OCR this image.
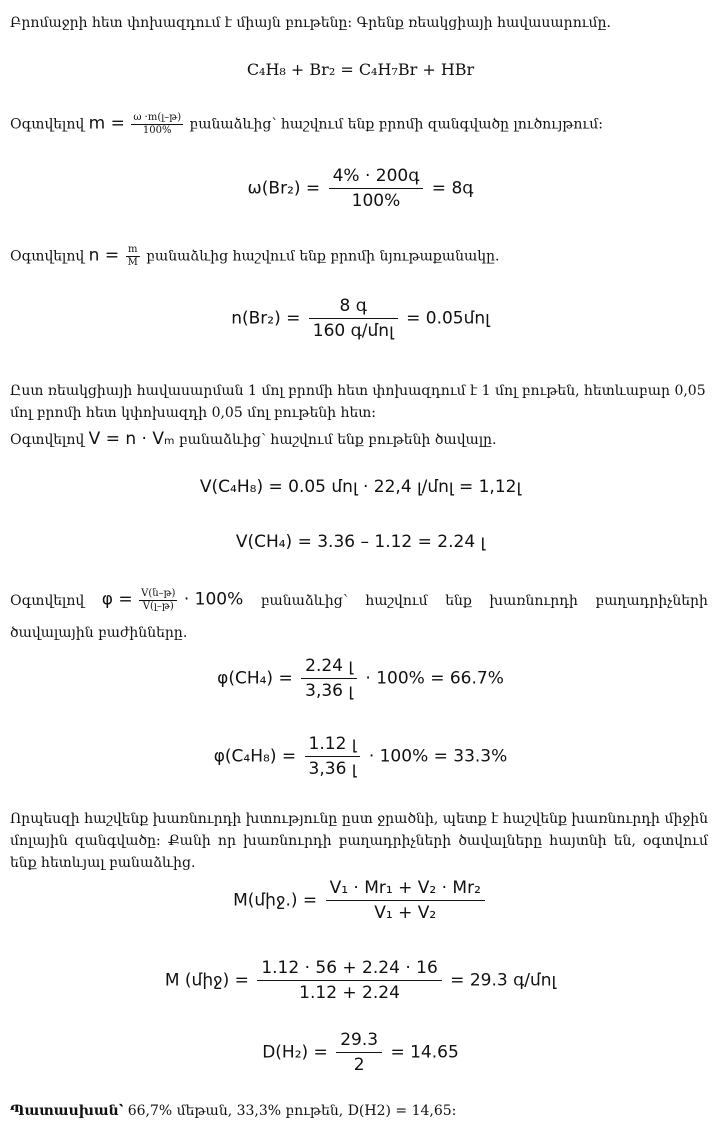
Բրոմաջրի հետ փոխազդում է միայն բութենը: Գրենք ռեակցիայի հավասարումը.
C₄H₈ + Br₂ = C₄H₇Br + HBr
Օգտվելով $m = \frac{\text{ω ·m(լ–թ)}}{100\%}$ բանաձևից՝ հաշվում ենք բրոմի զանգվածը լուծույթում:
$\omega(Br_2) = \frac{\text{4\% · 200գ}}{100\%}$ = 8գ
Օգտվելով $n = \frac{m}{M}$ բանաձևից հաշվում ենք բրոմի նյութաքանակը.
$n(Br_2) = \frac{\text{8 գ}}{\text{160 գ/մոլ}}$ = 0.05մոլ
Ըստ ռեակցիայի հավասարման 1 մոլ բրոմի հետ փոխազդում է 1 մոլ բութեն, հետևաբար 0,05 մոլ բրոմի հետ կփոխազդի 0,05 մոլ բութենի հետ:
Օգտվելով V = n · Vₘ բանաձևից՝ հաշվում ենք բութենի ծավալը.
V(C₄H₈) = 0.05 մոլ · 22,4 լ/մոլ = 1,12լ
V(CH₄) = 3.36 – 1.12 = 2.24 լ
Օգտվելով $\varphi = \frac{\text{V(ն–թ)}}{\text{V(լ–թ)}} \cdot 100\%$ բանաձևից՝ հաշվում ենք խառնուրդի բաղադրիչների
ծավալային բաժինները.
$\varphi(CH_4) = \frac{\text{2.24 լ}}{\text{3,36 լ}} \cdot 100\% = 66.7\%$
$\varphi(C_4H_8) = \frac{\text{1.12 լ}}{\text{3,36 լ}} \cdot 100\% = 33.3\%$
Որպեսզի հաշվենք խառնուրդի խտությունը ըստ ջրածնի, պետք է հաշվենք խառնուրդի միջին մոլային զանգվածը: Քանի որ խառնուրդի բաղադրիչների ծավալները հայտնի են, օգտվում ենք հետևյալ բանաձևից.
M(միջ.) = $\frac{\text{V₁ · Mr₁ + V₂ · Mr₂}}{\text{V₁ + V₂}}$
M (միջ) = $\frac{1.12 \cdot 56 + 2.24 \cdot 16}{1.12 + 2.24} = 29.3$ գ/մոլ
$D(H_2) = \frac{29.3}{2} = 14.65$
Պատասխան՝ 66,7% մեթան, 33,3% բութեն, D(H2) = 14,65:
